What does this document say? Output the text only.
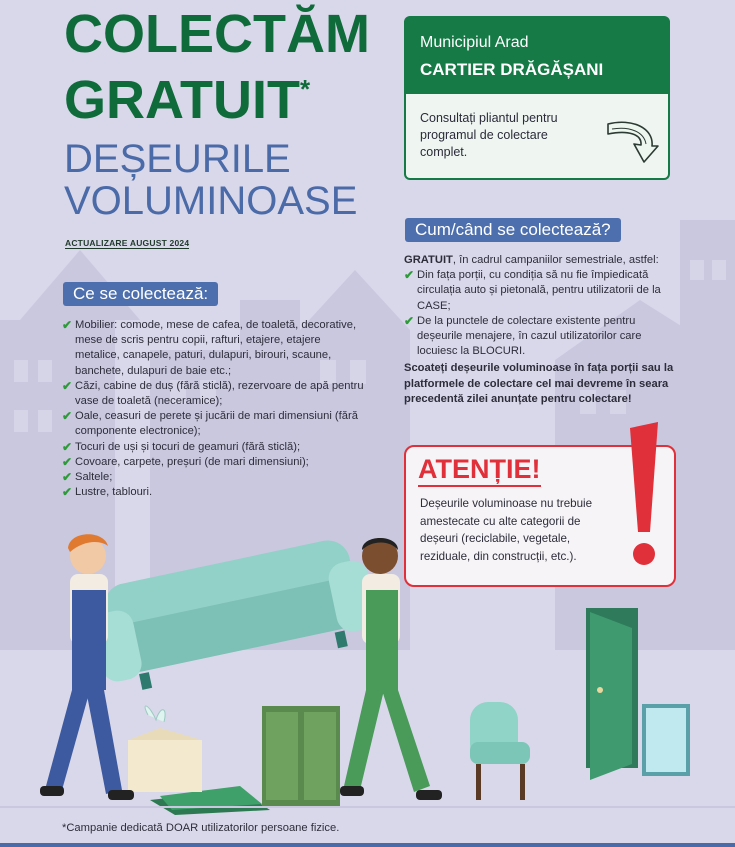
COLECTĂM
GRATUIT*
DEȘEURILE
VOLUMINOASE
ACTUALIZARE AUGUST 2024
Municipiul Arad
CARTIER DRĂGĂȘANI
Consultați pliantul pentru programul de colectare complet.
Ce se colectează:
✔ Mobilier: comode, mese de cafea, de toaletă, decorative, mese de scris pentru copii, rafturi, etajere, etajere metalice, canapele, paturi, dulapuri, birouri, scaune, banchete, dulapuri de baie etc.;
✔ Căzi, cabine de duș (fără sticlă), rezervoare de apă pentru vase de toaletă (neceramice);
✔ Oale, ceasuri de perete și jucării de mari dimensiuni (fără componente electronice);
✔ Tocuri de uși și tocuri de geamuri (fără sticlă);
✔ Covoare, carpete, preșuri (de mari dimensiuni);
✔ Saltele;
✔ Lustre, tablouri.
Cum/când se colectează?
GRATUIT, în cadrul campaniilor semestriale, astfel:
✔ Din fața porții, cu condiția să nu fie împiedicată circulația auto și pietonală, pentru utilizatorii de la CASE;
✔ De la punctele de colectare existente pentru deșeurile menajere, în cazul utilizatorilor care locuiesc la BLOCURI.
Scoateți deșeurile voluminoase în fața porții sau la platformele de colectare cel mai devreme în seara precedentă zilei anunțate pentru colectare!
ATENȚIE!
Deșeurile voluminoase nu trebuie amestecate cu alte categorii de deșeuri (reciclabile, vegetale, reziduale, din construcții, etc.).
*Campanie dedicată DOAR utilizatorilor persoane fizice.
